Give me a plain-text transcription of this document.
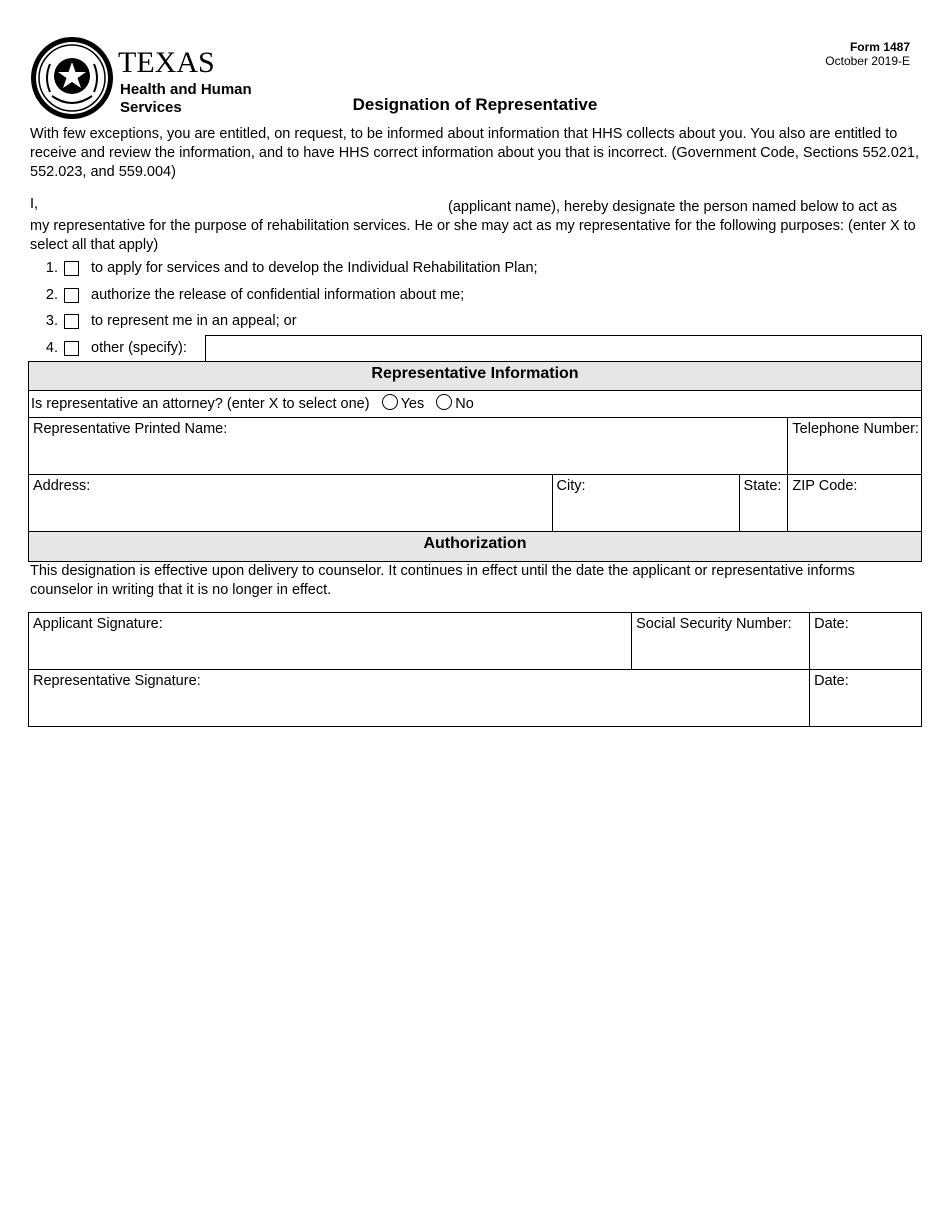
TEXAS
Health and Human
Services
Form 1487
October 2019-E
Designation of Representative

With few exceptions, you are entitled, on request, to be informed about information that HHS collects about you. You also are entitled to receive and review the information, and to have HHS correct information about you that is incorrect. (Government Code, Sections 552.021, 552.023, and 559.004)

I,	(applicant name), hereby designate the person named below to act as my representative for the purpose of rehabilitation services. He or she may act as my representative for the following purposes: (enter X to select all that apply)
1.	to apply for services and to develop the Individual Rehabilitation Plan;
2.	authorize the release of confidential information about me;
3.	to represent me in an appeal; or
4.	other (specify):
Representative Information			
Is representative an attorney? (enter X to select one) Yes No			
Representative Printed Name:			Telephone Number:
Address:	City:	State:	ZIP Code:
Authorization			

This designation is effective upon delivery to counselor. It continues in effect until the date the applicant or representative informs counselor in writing that it is no longer in effect.

Applicant Signature:	Social Security Number:	Date:
Representative Signature:		Date:
